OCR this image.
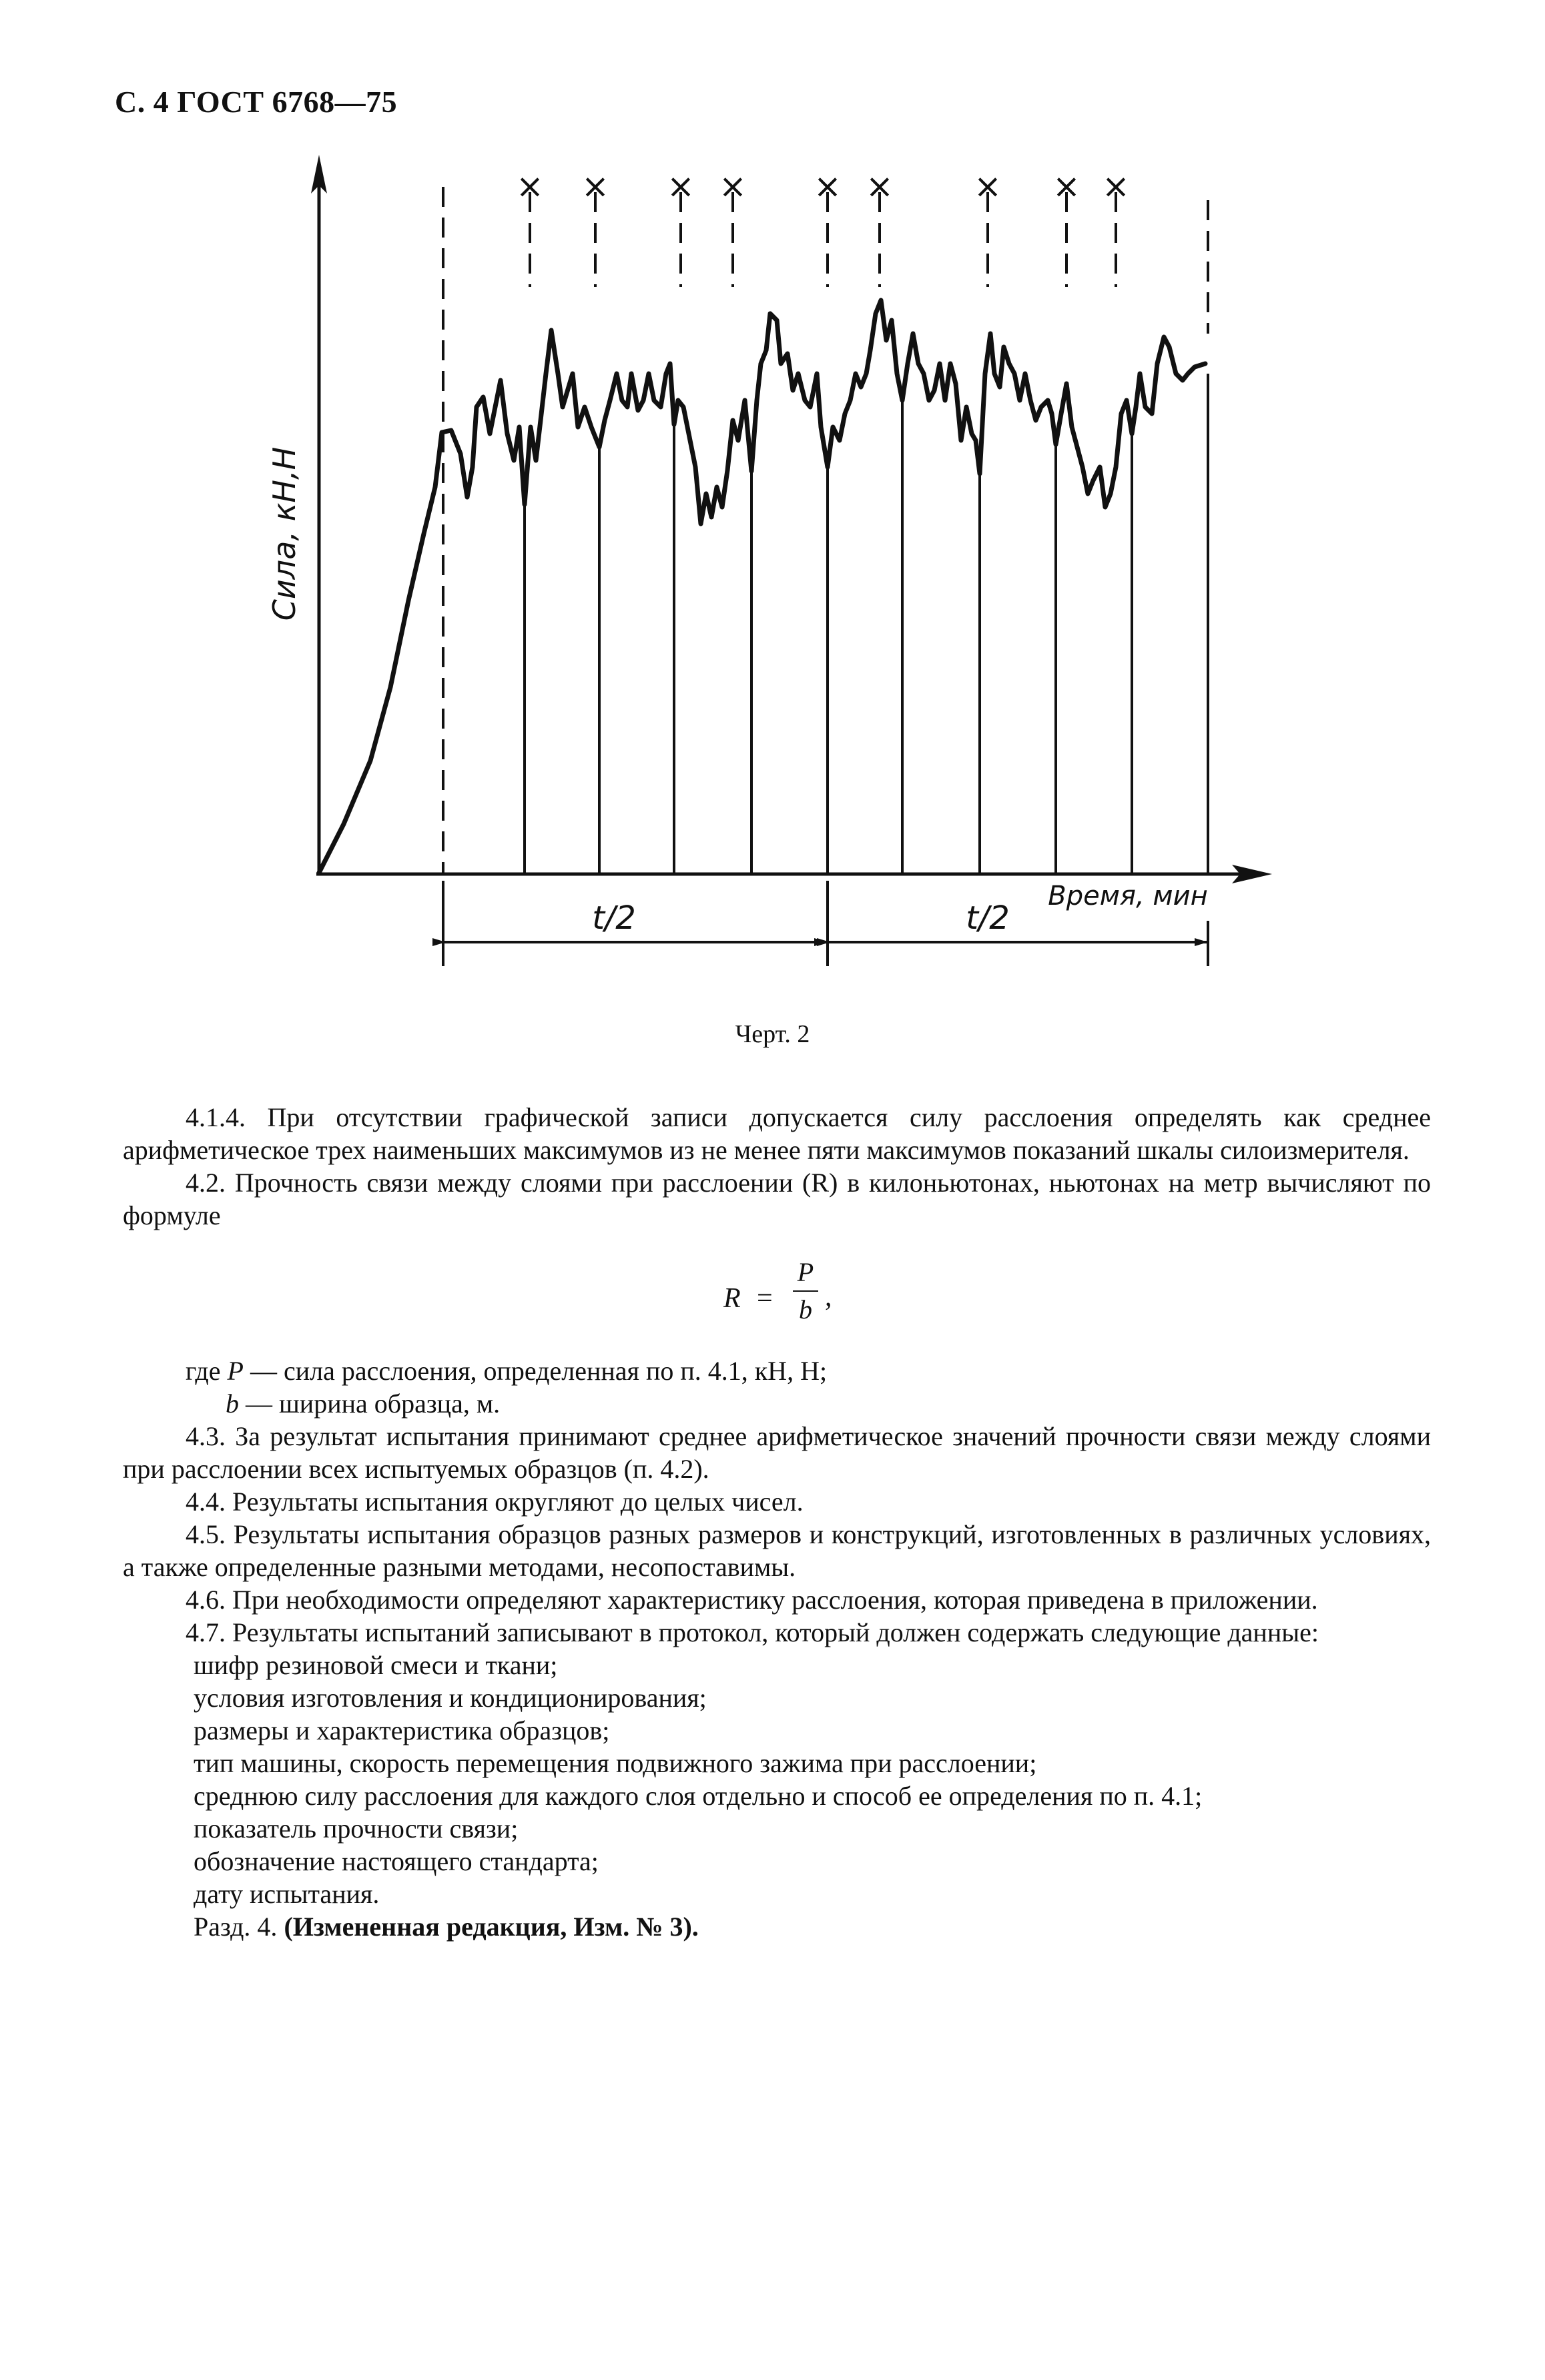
С. 4 ГОСТ 6768—75
Сила, кН,Н
Время, мин
× × × × × × × × ×
t/2	t/2
Черт. 2

4.1.4. При отсутствии графической записи допускается силу расслоения определять как среднее арифметическое трех наименьших максимумов из не менее пяти максимумов показаний шкалы силоизмерителя.

4.2. Прочность связи между слоями при расслоении (R) в килоньютонах, ньютонах на метр вычисляют по формуле

R =
P
b ,

где P — сила расслоения, определенная по п. 4.1, кН, Н;

b — ширина образца, м.

4.3. За результат испытания принимают среднее арифметическое значений прочности связи между слоями при расслоении всех испытуемых образцов (п. 4.2).

4.4. Результаты испытания округляют до целых чисел.

4.5. Результаты испытания образцов разных размеров и конструкций, изготовленных в различных условиях, а также определенные разными методами, несопоставимы.

4.6. При необходимости определяют характеристику расслоения, которая приведена в приложении.

4.7. Результаты испытаний записывают в протокол, который должен содержать следующие данные:

шифр резиновой смеси и ткани;

условия изготовления и кондиционирования;

размеры и характеристика образцов;

тип машины, скорость перемещения подвижного зажима при расслоении;

среднюю силу расслоения для каждого слоя отдельно и способ ее определения по п. 4.1;

показатель прочности связи;

обозначение настоящего стандарта;

дату испытания.

Разд. 4. (Измененная редакция, Изм. № 3).
